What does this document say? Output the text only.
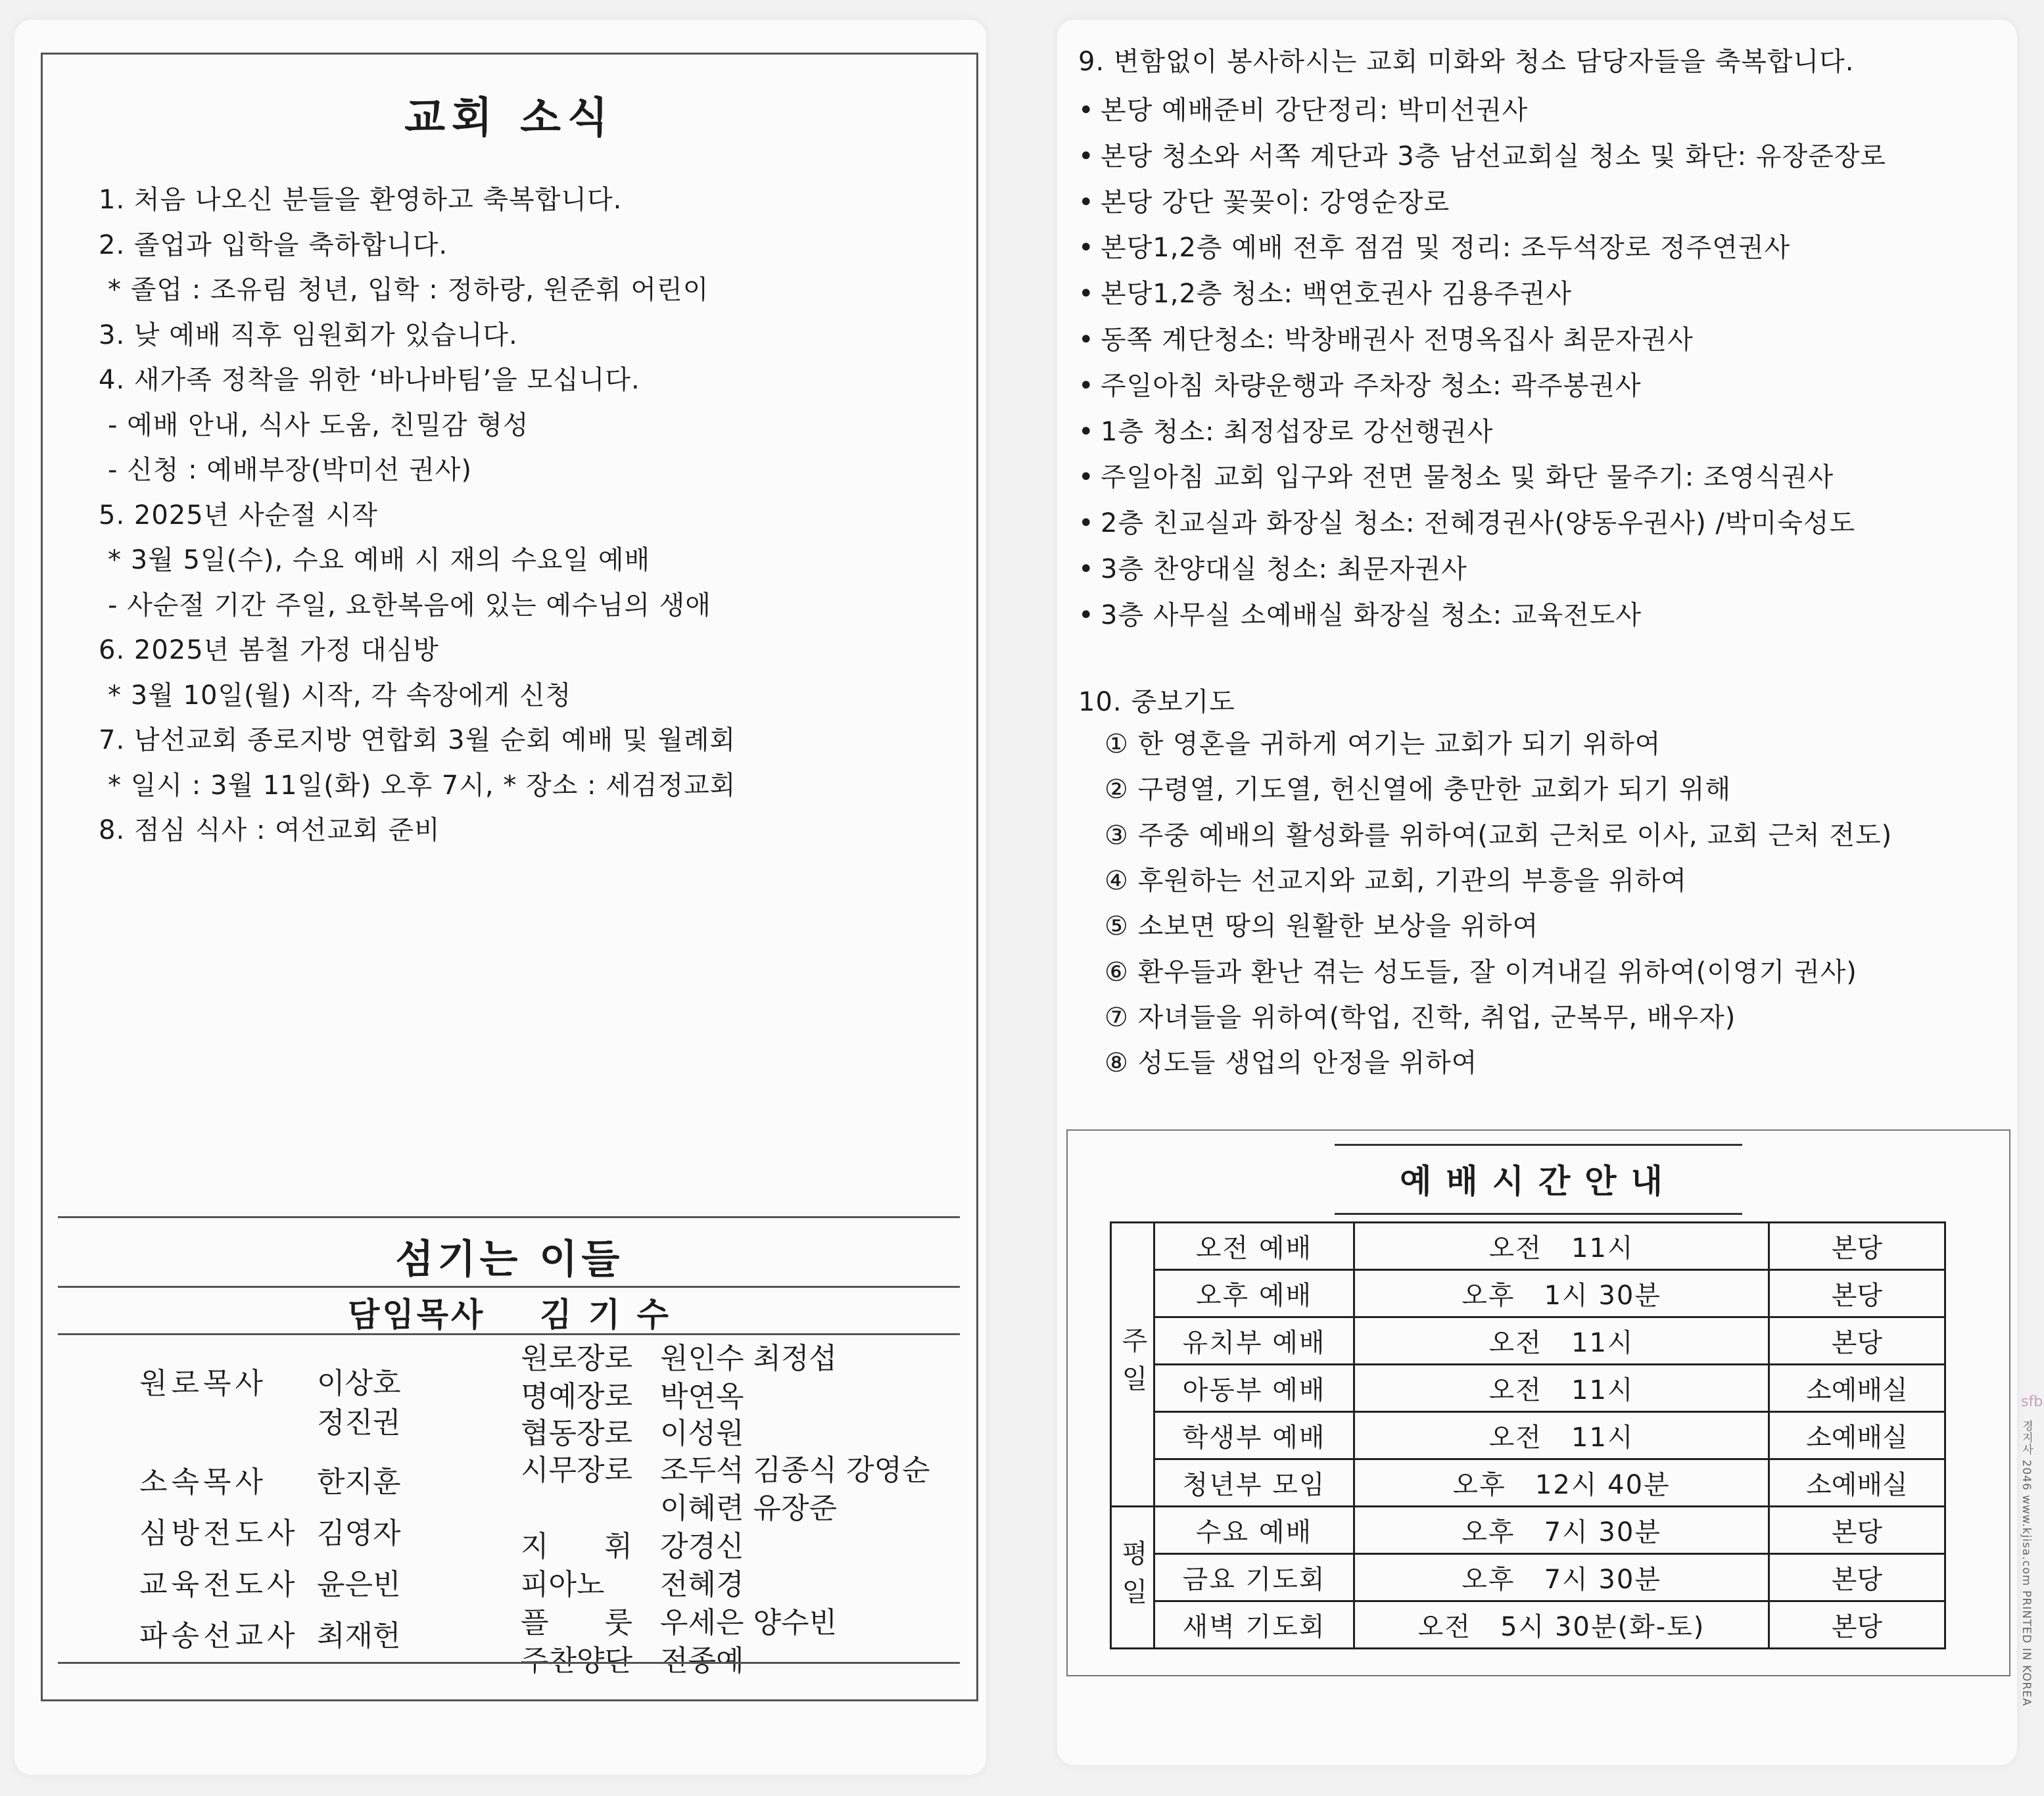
교회 소식
1. 처음 나오신 분들을 환영하고 축복합니다.
2. 졸업과 입학을 축하합니다.
* 졸업 : 조유림 청년, 입학 : 정하랑, 원준휘 어린이
3. 낮 예배 직후 임원회가 있습니다.
4. 새가족 정착을 위한 ‘바나바팀’을 모십니다.
- 예배 안내, 식사 도움, 친밀감 형성
- 신청 : 예배부장(박미선 권사)
5. 2025년 사순절 시작
* 3월 5일(수), 수요 예배 시 재의 수요일 예배
- 사순절 기간 주일, 요한복음에 있는 예수님의 생애
6. 2025년 봄철 가정 대심방
* 3월 10일(월) 시작, 각 속장에게 신청
7. 남선교회 종로지방 연합회 3월 순회 예배 및 월례회
* 일시 : 3월 11일(화) 오후 7시, * 장소 : 세검정교회
8. 점심 식사 : 여선교회 준비
섬기는 이들
담임목사 김 기 수
원로목사 이상호
정진권
소속목사 한지훈
심방전도사 김영자
교육전도사 윤은빈
파송선교사 최재헌
원로장로 원인수 최정섭
명예장로 박연옥
협동장로 이성원
시무장로 조두석 김종식 강영순
이혜련 유장준
지 휘 강경신
피아노	전혜경
플 룻 우세은 양수빈
주찬양단 전종예
9. 변함없이 봉사하시는 교회 미화와 청소 담당자들을 축복합니다.
• 본당 예배준비 강단정리: 박미선권사
• 본당 청소와 서쪽 계단과 3층 남선교회실 청소 및 화단: 유장준장로
• 본당 강단 꽃꽂이: 강영순장로
• 본당1,2층 예배 전후 점검 및 정리: 조두석장로 정주연권사
• 본당1,2층 청소: 백연호권사 김용주권사
• 동쪽 계단청소: 박창배권사 전명옥집사 최문자권사
• 주일아침 차량운행과 주차장 청소: 곽주봉권사
• 1층 청소: 최정섭장로 강선행권사
• 주일아침 교회 입구와 전면 물청소 및 화단 물주기: 조영식권사
• 2층 친교실과 화장실 청소: 전혜경권사(양동우권사) /박미숙성도
• 3층 찬양대실 청소: 최문자권사
• 3층 사무실 소예배실 화장실 청소: 교육전도사
10. 중보기도
① 한 영혼을 귀하게 여기는 교회가 되기 위하여
② 구령열, 기도열, 헌신열에 충만한 교회가 되기 위해
③ 주중 예배의 활성화를 위하여(교회 근처로 이사, 교회 근처 전도)
④ 후원하는 선교지와 교회, 기관의 부흥을 위하여
⑤ 소보면 땅의 원활한 보상을 위하여
⑥ 환우들과 환난 겪는 성도들, 잘 이겨내길 위하여(이영기 권사)
⑦ 자녀들을 위하여(학업, 진학, 취업, 군복무, 배우자)
⑧ 성도들 생업의 안정을 위하여
예배시간안내
주일	오전 예배	오전   11시	본당
	오후 예배	오후   1시 30분	본당
	유치부 예배	오전   11시	본당
	아동부 예배	오전   11시	소예배실
	학생부 예배	오전   11시	소예배실
	청년부 모임	오후   12시 40분	소예배실
평일	수요 예배	오후   7시 30분	본당
	금요 기도회	오후   7시 30분	본당
	새벽 기도회	오전   5시 30분(화-토)	본당
sfb
경지사 2046 www.kjisa.com PRINTED IN KOREA
